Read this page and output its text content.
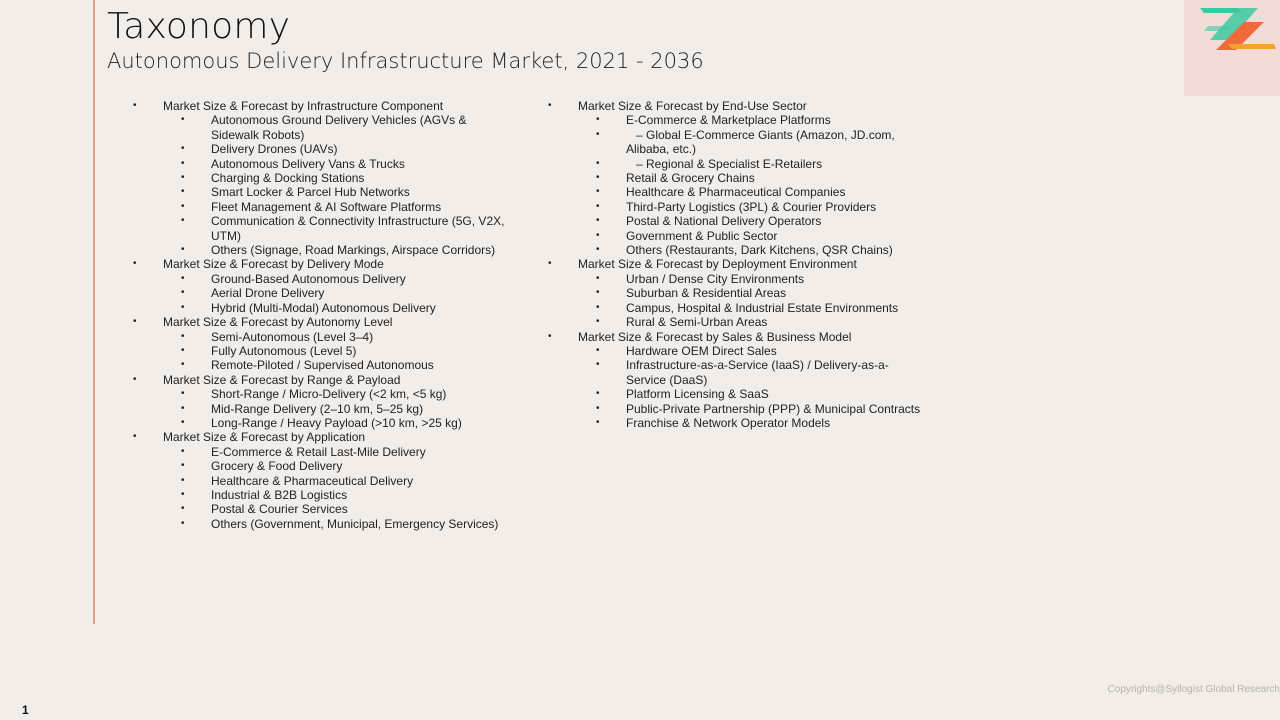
Taxonomy
Autonomous Delivery Infrastructure Market, 2021 - 2036
• Market Size & Forecast by Infrastructure Component
• Autonomous Ground Delivery Vehicles (AGVs &
Sidewalk Robots)
• Delivery Drones (UAVs)
• Autonomous Delivery Vans & Trucks
• Charging & Docking Stations
• Smart Locker & Parcel Hub Networks
• Fleet Management & AI Software Platforms
• Communication & Connectivity Infrastructure (5G, V2X,
UTM)
• Others (Signage, Road Markings, Airspace Corridors)
• Market Size & Forecast by Delivery Mode
• Ground-Based Autonomous Delivery
• Aerial Drone Delivery
• Hybrid (Multi-Modal) Autonomous Delivery
• Market Size & Forecast by Autonomy Level
• Semi-Autonomous (Level 3–4)
• Fully Autonomous (Level 5)
• Remote-Piloted / Supervised Autonomous
• Market Size & Forecast by Range & Payload
• Short-Range / Micro-Delivery (<2 km, <5 kg)
• Mid-Range Delivery (2–10 km, 5–25 kg)
• Long-Range / Heavy Payload (>10 km, >25 kg)
• Market Size & Forecast by Application
• E-Commerce & Retail Last-Mile Delivery
• Grocery & Food Delivery
• Healthcare & Pharmaceutical Delivery
• Industrial & B2B Logistics
• Postal & Courier Services
• Others (Government, Municipal, Emergency Services)
• Market Size & Forecast by End-Use Sector
• E-Commerce & Marketplace Platforms
• – Global E-Commerce Giants (Amazon, JD.com,
Alibaba, etc.)
• – Regional & Specialist E-Retailers
• Retail & Grocery Chains
• Healthcare & Pharmaceutical Companies
• Third-Party Logistics (3PL) & Courier Providers
• Postal & National Delivery Operators
• Government & Public Sector
• Others (Restaurants, Dark Kitchens, QSR Chains)
• Market Size & Forecast by Deployment Environment
• Urban / Dense City Environments
• Suburban & Residential Areas
• Campus, Hospital & Industrial Estate Environments
• Rural & Semi-Urban Areas
• Market Size & Forecast by Sales & Business Model
• Hardware OEM Direct Sales
• Infrastructure-as-a-Service (IaaS) / Delivery-as-a-
Service (DaaS)
• Platform Licensing & SaaS
• Public-Private Partnership (PPP) & Municipal Contracts
• Franchise & Network Operator Models
Copyrights@Syllogist Global Research
1
